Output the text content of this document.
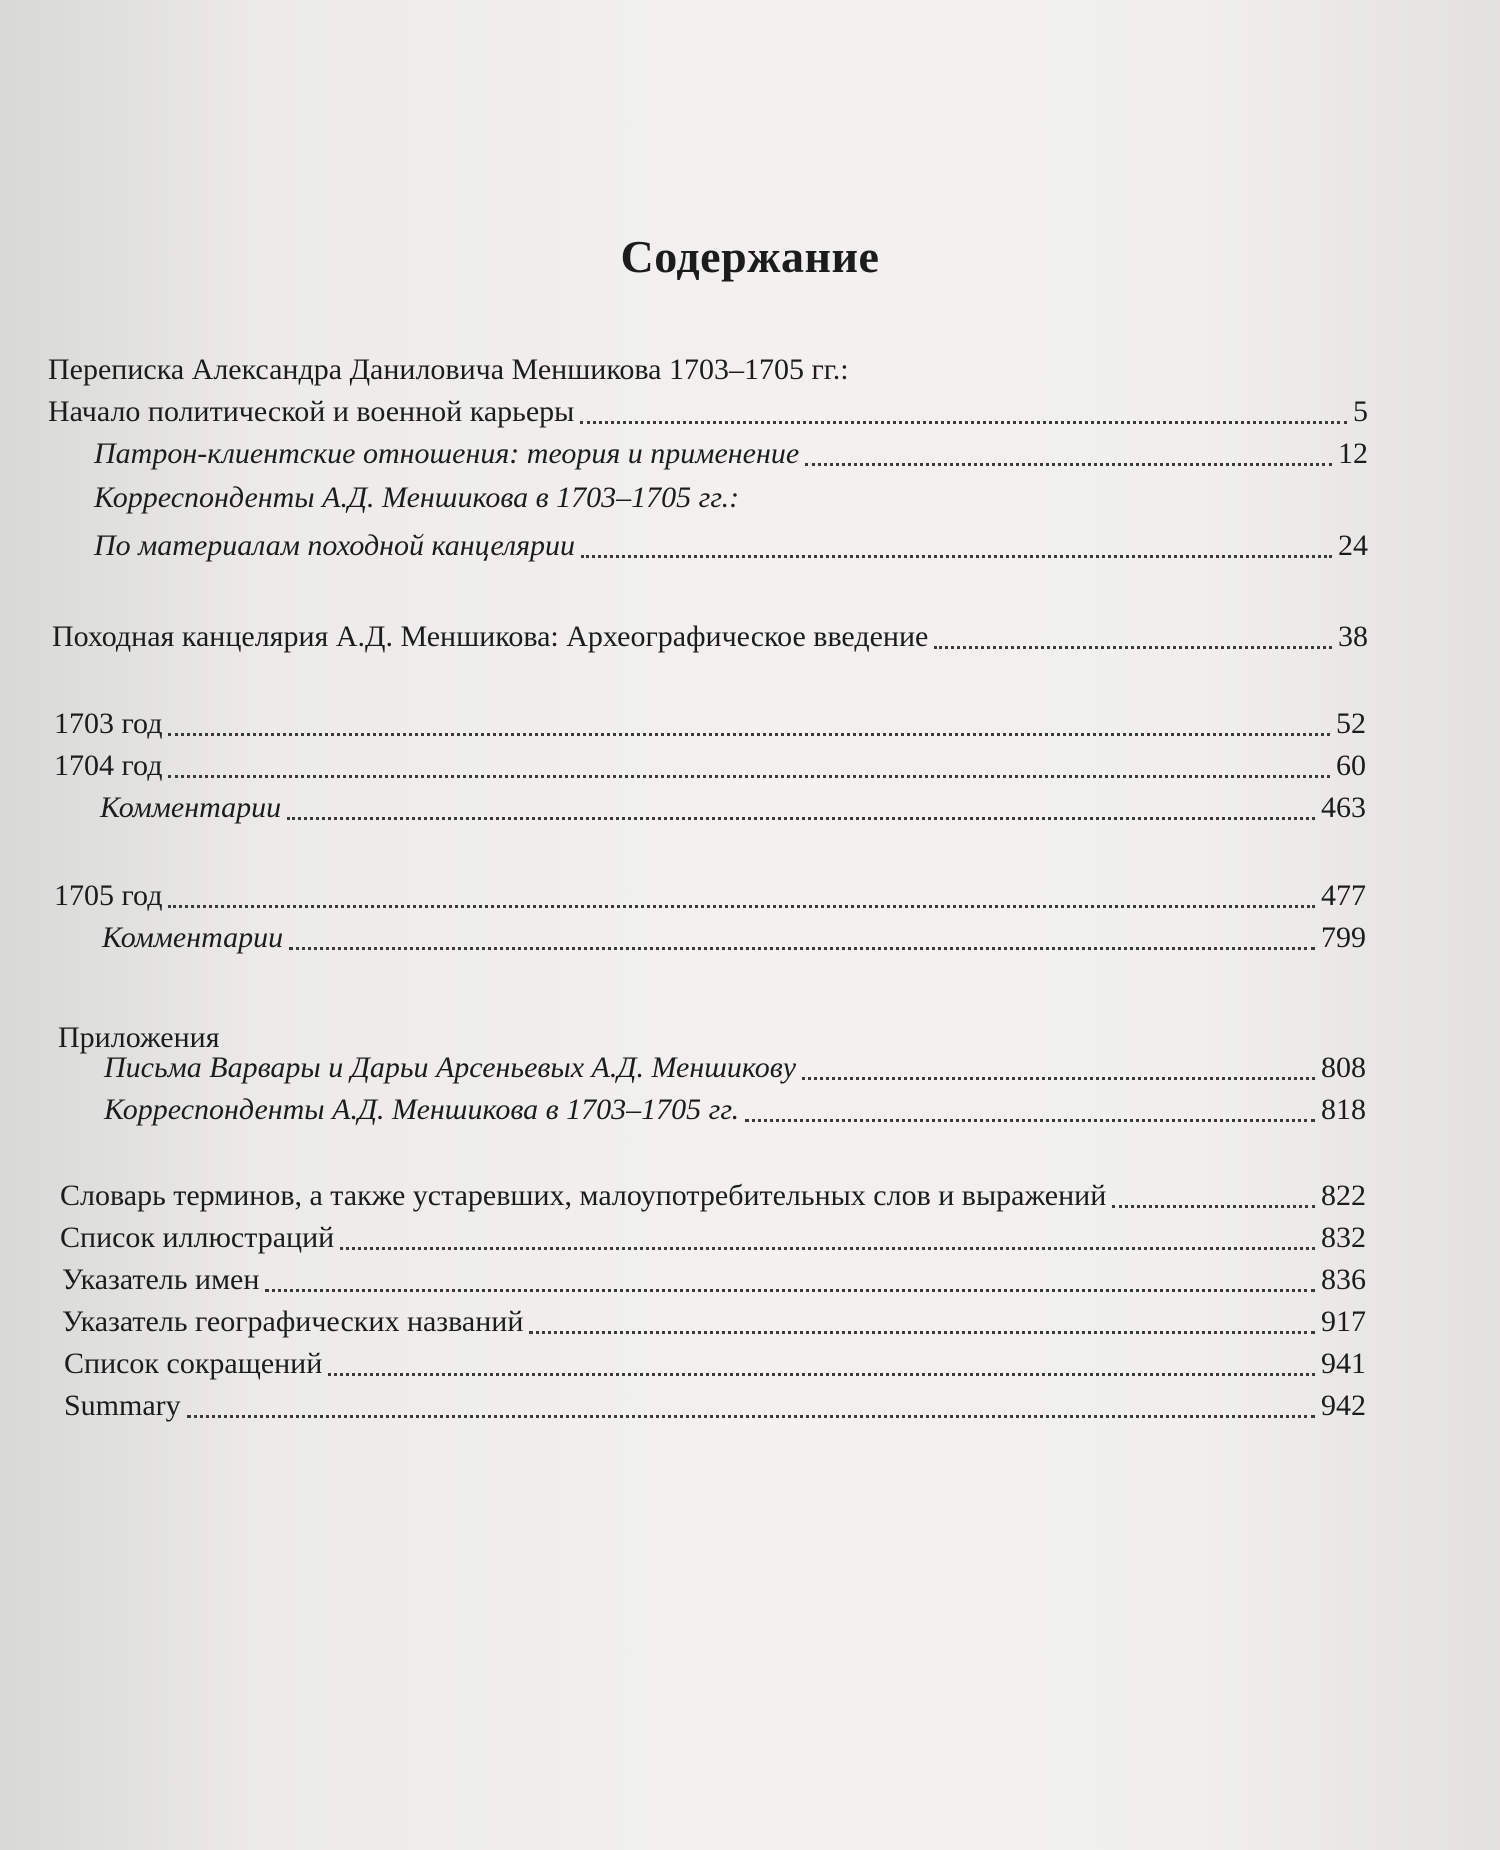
Содержание
Переписка Александра Даниловича Меншикова 1703–1705 гг.:
Начало политической и военной карьеры	5
Патрон-клиентские отношения: теория и применение	12
Корреспонденты А.Д. Меншикова в 1703–1705 гг.:
По материалам походной канцелярии	24
Походная канцелярия А.Д. Меншикова: Археографическое введение	38
1703 год	52
1704 год	60
Комментарии	463
1705 год	477
Комментарии	799
Приложения
Письма Варвары и Дарьи Арсеньевых А.Д. Меншикову	808
Корреспонденты А.Д. Меншикова в 1703–1705 гг.	818
Словарь терминов, а также устаревших, малоупотребительных слов и выражений	822
Список иллюстраций	832
Указатель имен	836
Указатель географических названий	917
Список сокращений	941
Summary	942
